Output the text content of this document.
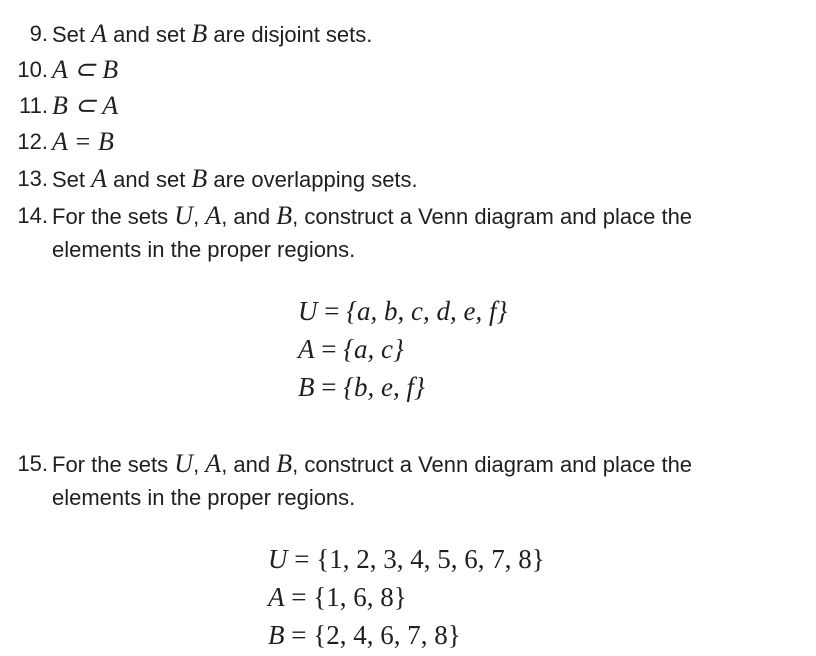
9. Set A and set B are disjoint sets.
10. A ⊂ B
11. B ⊂ A
12. A = B
13. Set A and set B are overlapping sets.
14. For the sets U, A, and B, construct a Venn diagram and place the
elements in the proper regions.
U = {a, b, c, d, e, f}
A = {a, c}
B = {b, e, f}
15. For the sets U, A, and B, construct a Venn diagram and place the
elements in the proper regions.
U = {1, 2, 3, 4, 5, 6, 7, 8}
A = {1, 6, 8}
B = {2, 4, 6, 7, 8}
